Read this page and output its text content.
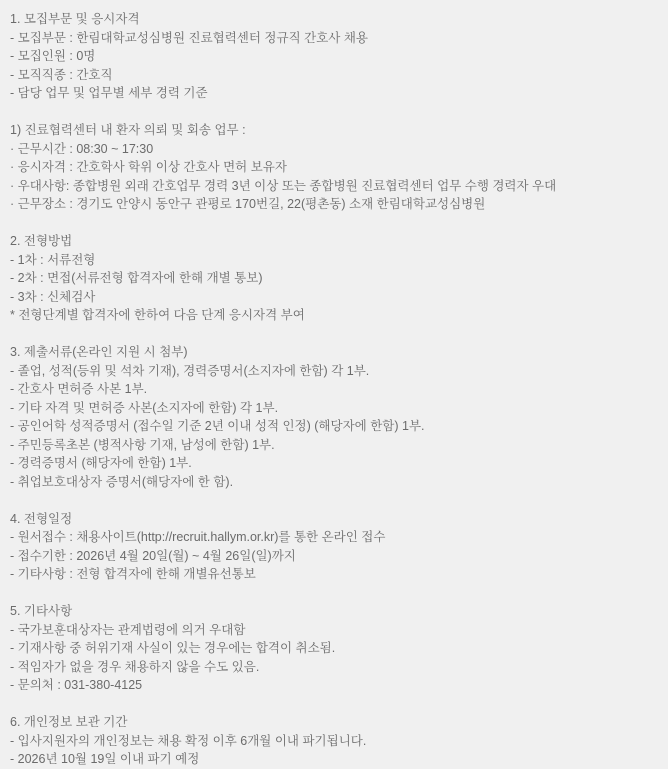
1. 모집부문 및 응시자격

- 모집부문 : 한림대학교성심병원 진료협력센터 정규직 간호사 채용

- 모집인원 : 0명

- 모직직종 : 간호직

- 담당 업무 및 업무별 세부 경력 기준

1) 진료협력센터 내 환자 의뢰 및 회송 업무 :

· 근무시간 : 08:30 ~ 17:30

· 응시자격 : 간호학사 학위 이상 간호사 면허 보유자

· 우대사항: 종합병원 외래 간호업무 경력 3년 이상 또는 종합병원 진료협력센터 업무 수행 경력자 우대

· 근무장소 : 경기도 안양시 동안구 관평로 170번길, 22(평촌동) 소재 한림대학교성심병원

2. 전형방법

- 1차 : 서류전형

- 2차 : 면접(서류전형 합격자에 한해 개별 통보)

- 3차 : 신체검사

* 전형단계별 합격자에 한하여 다음 단계 응시자격 부여

3. 제출서류(온라인 지원 시 첨부)

- 졸업, 성적(등위 및 석차 기재), 경력증명서(소지자에 한함) 각 1부.

- 간호사 면허증 사본 1부.

- 기타 자격 및 면허증 사본(소지자에 한함) 각 1부.

- 공인어학 성적증명서 (접수일 기준 2년 이내 성적 인정) (해당자에 한함) 1부.

- 주민등록초본 (병적사항 기재, 남성에 한함) 1부.

- 경력증명서 (해당자에 한함) 1부.

- 취업보호대상자 증명서(해당자에 한 함).

4. 전형일정

- 원서접수 : 채용사이트(http://recruit.hallym.or.kr)를 통한 온라인 접수

- 접수기한 : 2026년 4월 20일(월) ~ 4월 26일(일)까지

- 기타사항 : 전형 합격자에 한해 개별유선통보

5. 기타사항

- 국가보훈대상자는 관계법령에 의거 우대함

- 기재사항 중 허위기재 사실이 있는 경우에는 합격이 취소됨.

- 적임자가 없을 경우 채용하지 않을 수도 있음.

- 문의처 : 031-380-4125

6. 개인정보 보관 기간

- 입사지원자의 개인정보는 채용 확정 이후 6개월 이내 파기됩니다.

- 2026년 10월 19일 이내 파기 예정
